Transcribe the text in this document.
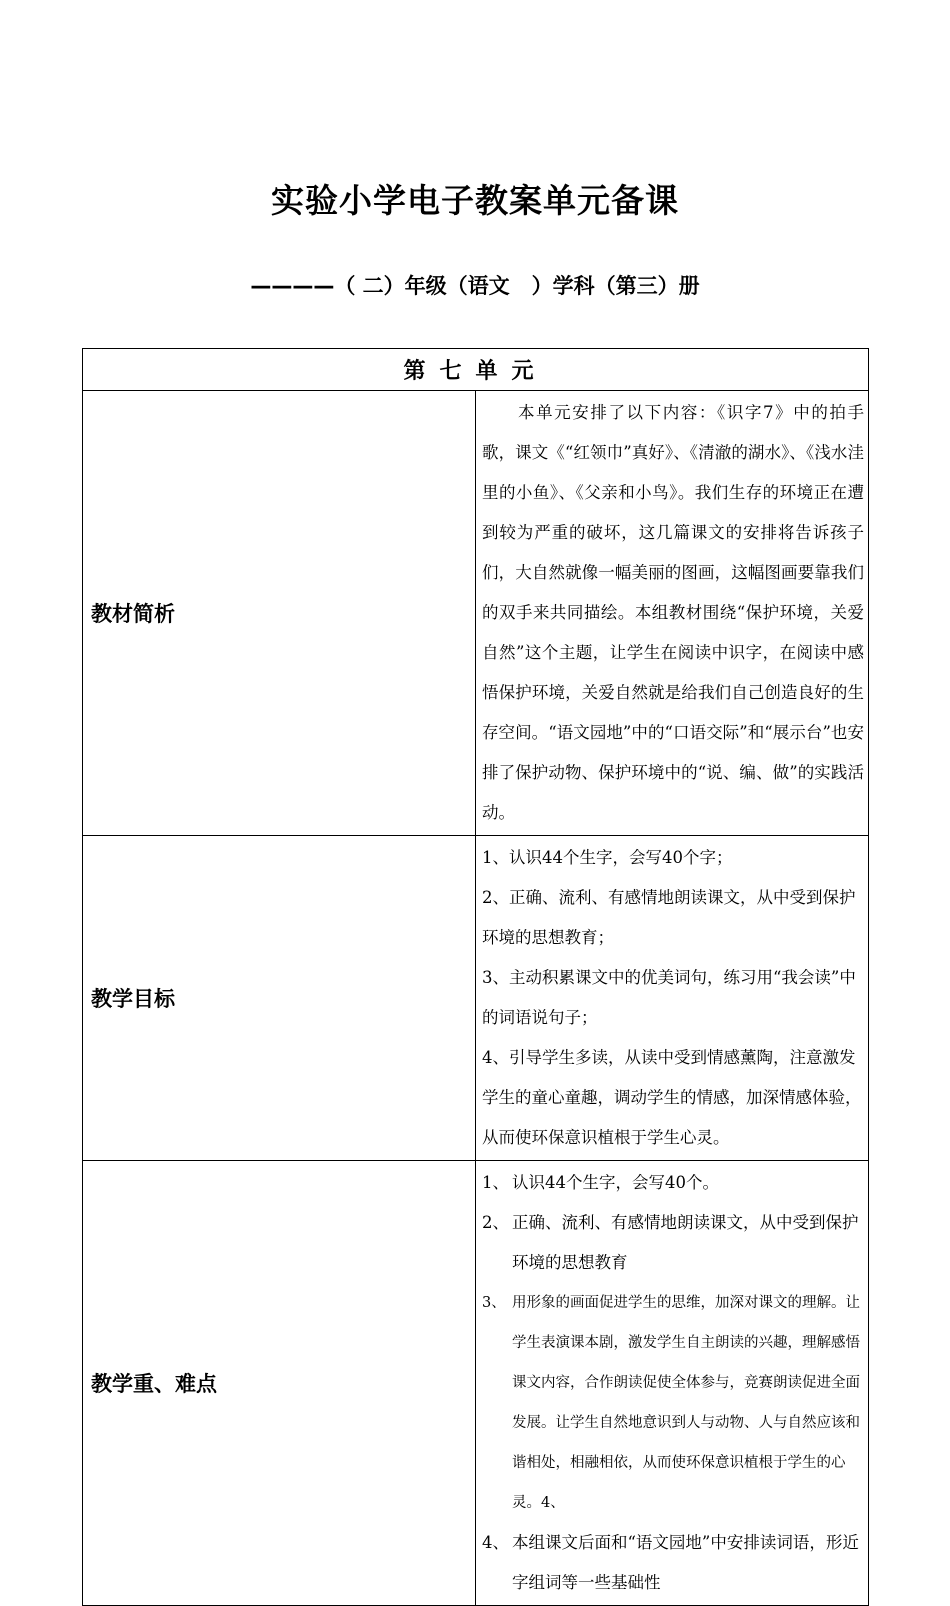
实验小学电子教案单元备课
————（ 二）年级（语文   ）学科（第三）册
第七单元	
教材简析	本单元安排了以下内容：《识字7》中的拍手歌，课文《“红领巾”真好》、《清澈的湖水》、《浅水洼里的小鱼》、《父亲和小鸟》。我们生存的环境正在遭到较为严重的破坏，这几篇课文的安排将告诉孩子们，大自然就像一幅美丽的图画，这幅图画要靠我们的双手来共同描绘。本组教材围绕“保护环境，关爱自然”这个主题，让学生在阅读中识字，在阅读中感悟保护环境，关爱自然就是给我们自己创造良好的生存空间。“语文园地”中的“口语交际”和“展示台”也安排了保护动物、保护环境中的“说、编、做”的实践活动。

教学目标	1、认识44个生字，会写40个字；

2、正确、流利、有感情地朗读课文，从中受到保护环境的思想教育；

3、主动积累课文中的优美词句，练习用“我会读”中的词语说句子；

4、引导学生多读，从读中受到情感薰陶，注意激发学生的童心童趣，调动学生的情感，加深情感体验，从而使环保意识植根于学生心灵。

教学重、难点	1、 认识44个生字，会写40个。

2、 正确、流利、有感情地朗读课文，从中受到保护环境的思想教育

3、 用形象的画面促进学生的思维，加深对课文的理解。让学生表演课本剧，激发学生自主朗读的兴趣，理解感悟课文内容，合作朗读促使全体参与，竞赛朗读促进全面发展。让学生自然地意识到人与动物、人与自然应该和谐相处，相融相依，从而使环保意识植根于学生的心灵。4、

4、 本组课文后面和“语文园地”中安排读词语，形近字组词等一些基础性
